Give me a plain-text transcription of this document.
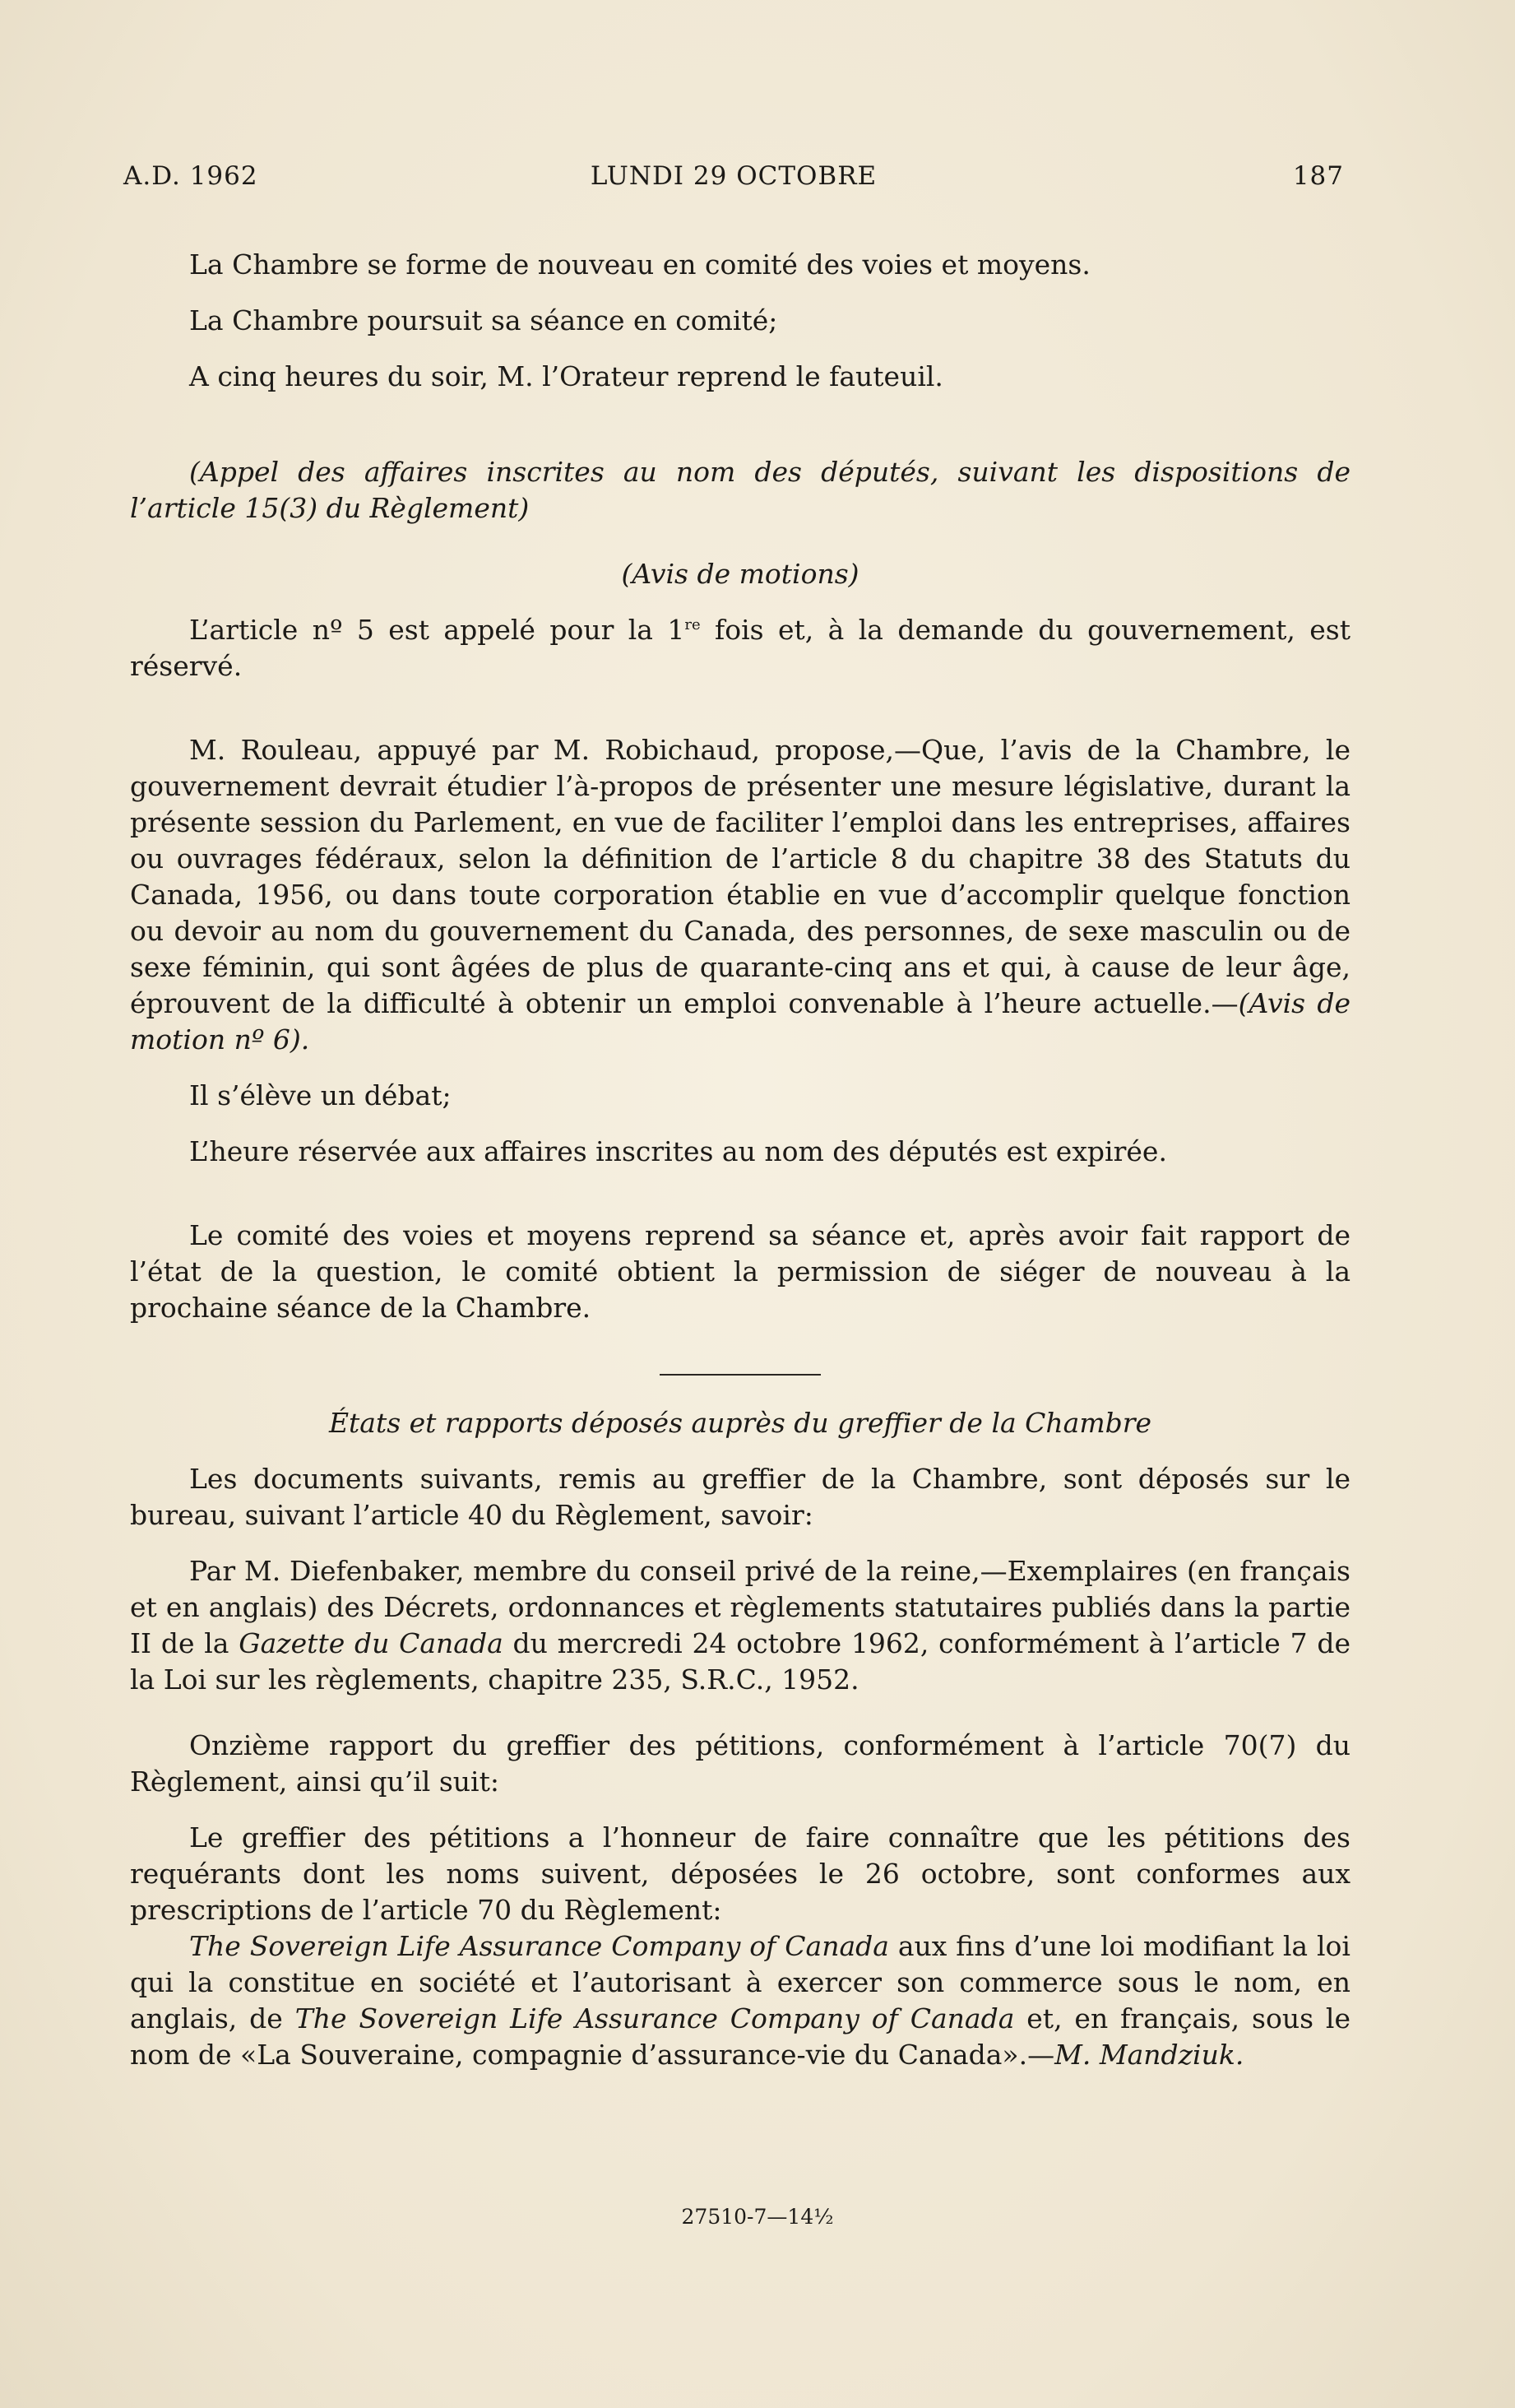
A.D. 1962	LUNDI 29 OCTOBRE	187

La Chambre se forme de nouveau en comité des voies et moyens.

La Chambre poursuit sa séance en comité;

A cinq heures du soir, M. l’Orateur reprend le fauteuil.

(Appel des affaires inscrites au nom des députés, suivant les dispositions de l’article 15(3) du Règlement)

(Avis de motions)

L’article nº 5 est appelé pour la 1re fois et, à la demande du gouvernement, est réservé.

M. Rouleau, appuyé par M. Robichaud, propose,—Que, l’avis de la Chambre, le gouvernement devrait étudier l’à-propos de présenter une mesure législative, durant la présente session du Parlement, en vue de faciliter l’emploi dans les entreprises, affaires ou ouvrages fédéraux, selon la définition de l’article 8 du chapitre 38 des Statuts du Canada, 1956, ou dans toute corporation établie en vue d’accomplir quelque fonction ou devoir au nom du gouvernement du Canada, des personnes, de sexe masculin ou de sexe féminin, qui sont âgées de plus de quarante-cinq ans et qui, à cause de leur âge, éprouvent de la difficulté à obtenir un emploi convenable à l’heure actuelle.—(Avis de motion nº 6).

Il s’élève un débat;

L’heure réservée aux affaires inscrites au nom des députés est expirée.

Le comité des voies et moyens reprend sa séance et, après avoir fait rapport de l’état de la question, le comité obtient la permission de siéger de nouveau à la prochaine séance de la Chambre.

États et rapports déposés auprès du greffier de la Chambre

Les documents suivants, remis au greffier de la Chambre, sont déposés sur le bureau, suivant l’article 40 du Règlement, savoir:

Par M. Diefenbaker, membre du conseil privé de la reine,—Exemplaires (en français et en anglais) des Décrets, ordonnances et règlements statutaires publiés dans la partie II de la Gazette du Canada du mercredi 24 octobre 1962, conformément à l’article 7 de la Loi sur les règlements, chapitre 235, S.R.C., 1952.

Onzième rapport du greffier des pétitions, conformément à l’article 70(7) du Règlement, ainsi qu’il suit:

Le greffier des pétitions a l’honneur de faire connaître que les pétitions des requérants dont les noms suivent, déposées le 26 octobre, sont conformes aux prescriptions de l’article 70 du Règlement:

The Sovereign Life Assurance Company of Canada aux fins d’une loi modifiant la loi qui la constitue en société et l’autorisant à exercer son commerce sous le nom, en anglais, de The Sovereign Life Assurance Company of Canada et, en français, sous le nom de «La Souveraine, compagnie d’assurance-vie du Canada».—M. Mandziuk.

27510-7—14½
